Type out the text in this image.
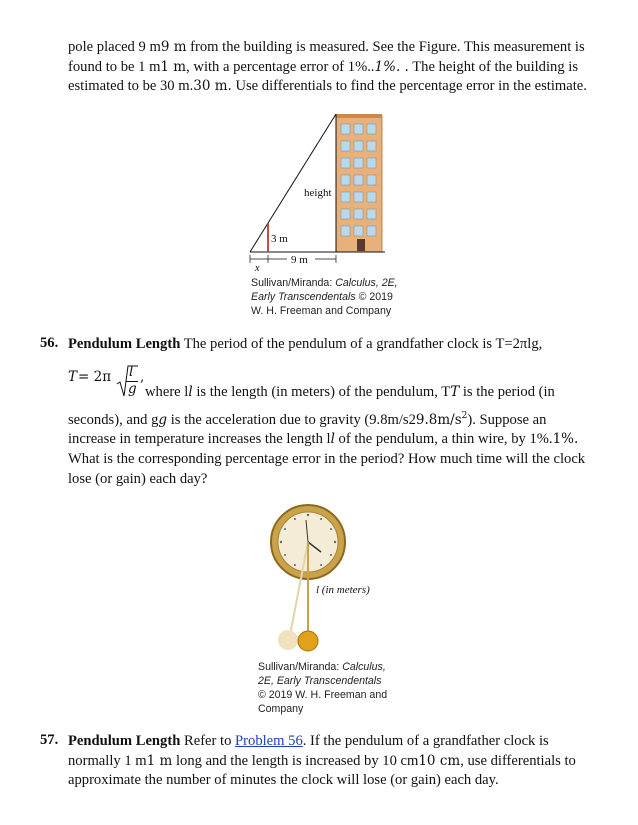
pole placed 9 m9 m from the building is measured. See the Figure. This measurement is
found to be 1 m1 m, with a percentage error of 1%..1%. . The height of the building is
estimated to be 30 m.30 m. Use differentials to find the percentage error in the estimate.
height
3 m
9 m
x
Sullivan/Miranda: Calculus, 2E,
Early Transcendentals © 2019
W. H. Freeman and Company
56. Pendulum Length The period of the pendulum of a grandfather clock is T=2πlg,
T = 2π l
g
,
where ll is the length (in meters) of the pendulum, TT is the period (in
seconds), and gg is the acceleration due to gravity $(9.8m/s29.8m/s^2)$. Suppose an
increase in temperature increases the length ll of the pendulum, a thin wire, by 1%.1%.
What is the corresponding percentage error in the period? How much time will the clock
lose (or gain) each day?
l (in meters)
Sullivan/Miranda: Calculus,
2E, Early Transcendentals
© 2019 W. H. Freeman and
Company
57. Pendulum Length Refer to Problem 56. If the pendulum of a grandfather clock is
normally 1 m1 m long and the length is increased by 10 cm10 cm, use differentials to
approximate the number of minutes the clock will lose (or gain) each day.
